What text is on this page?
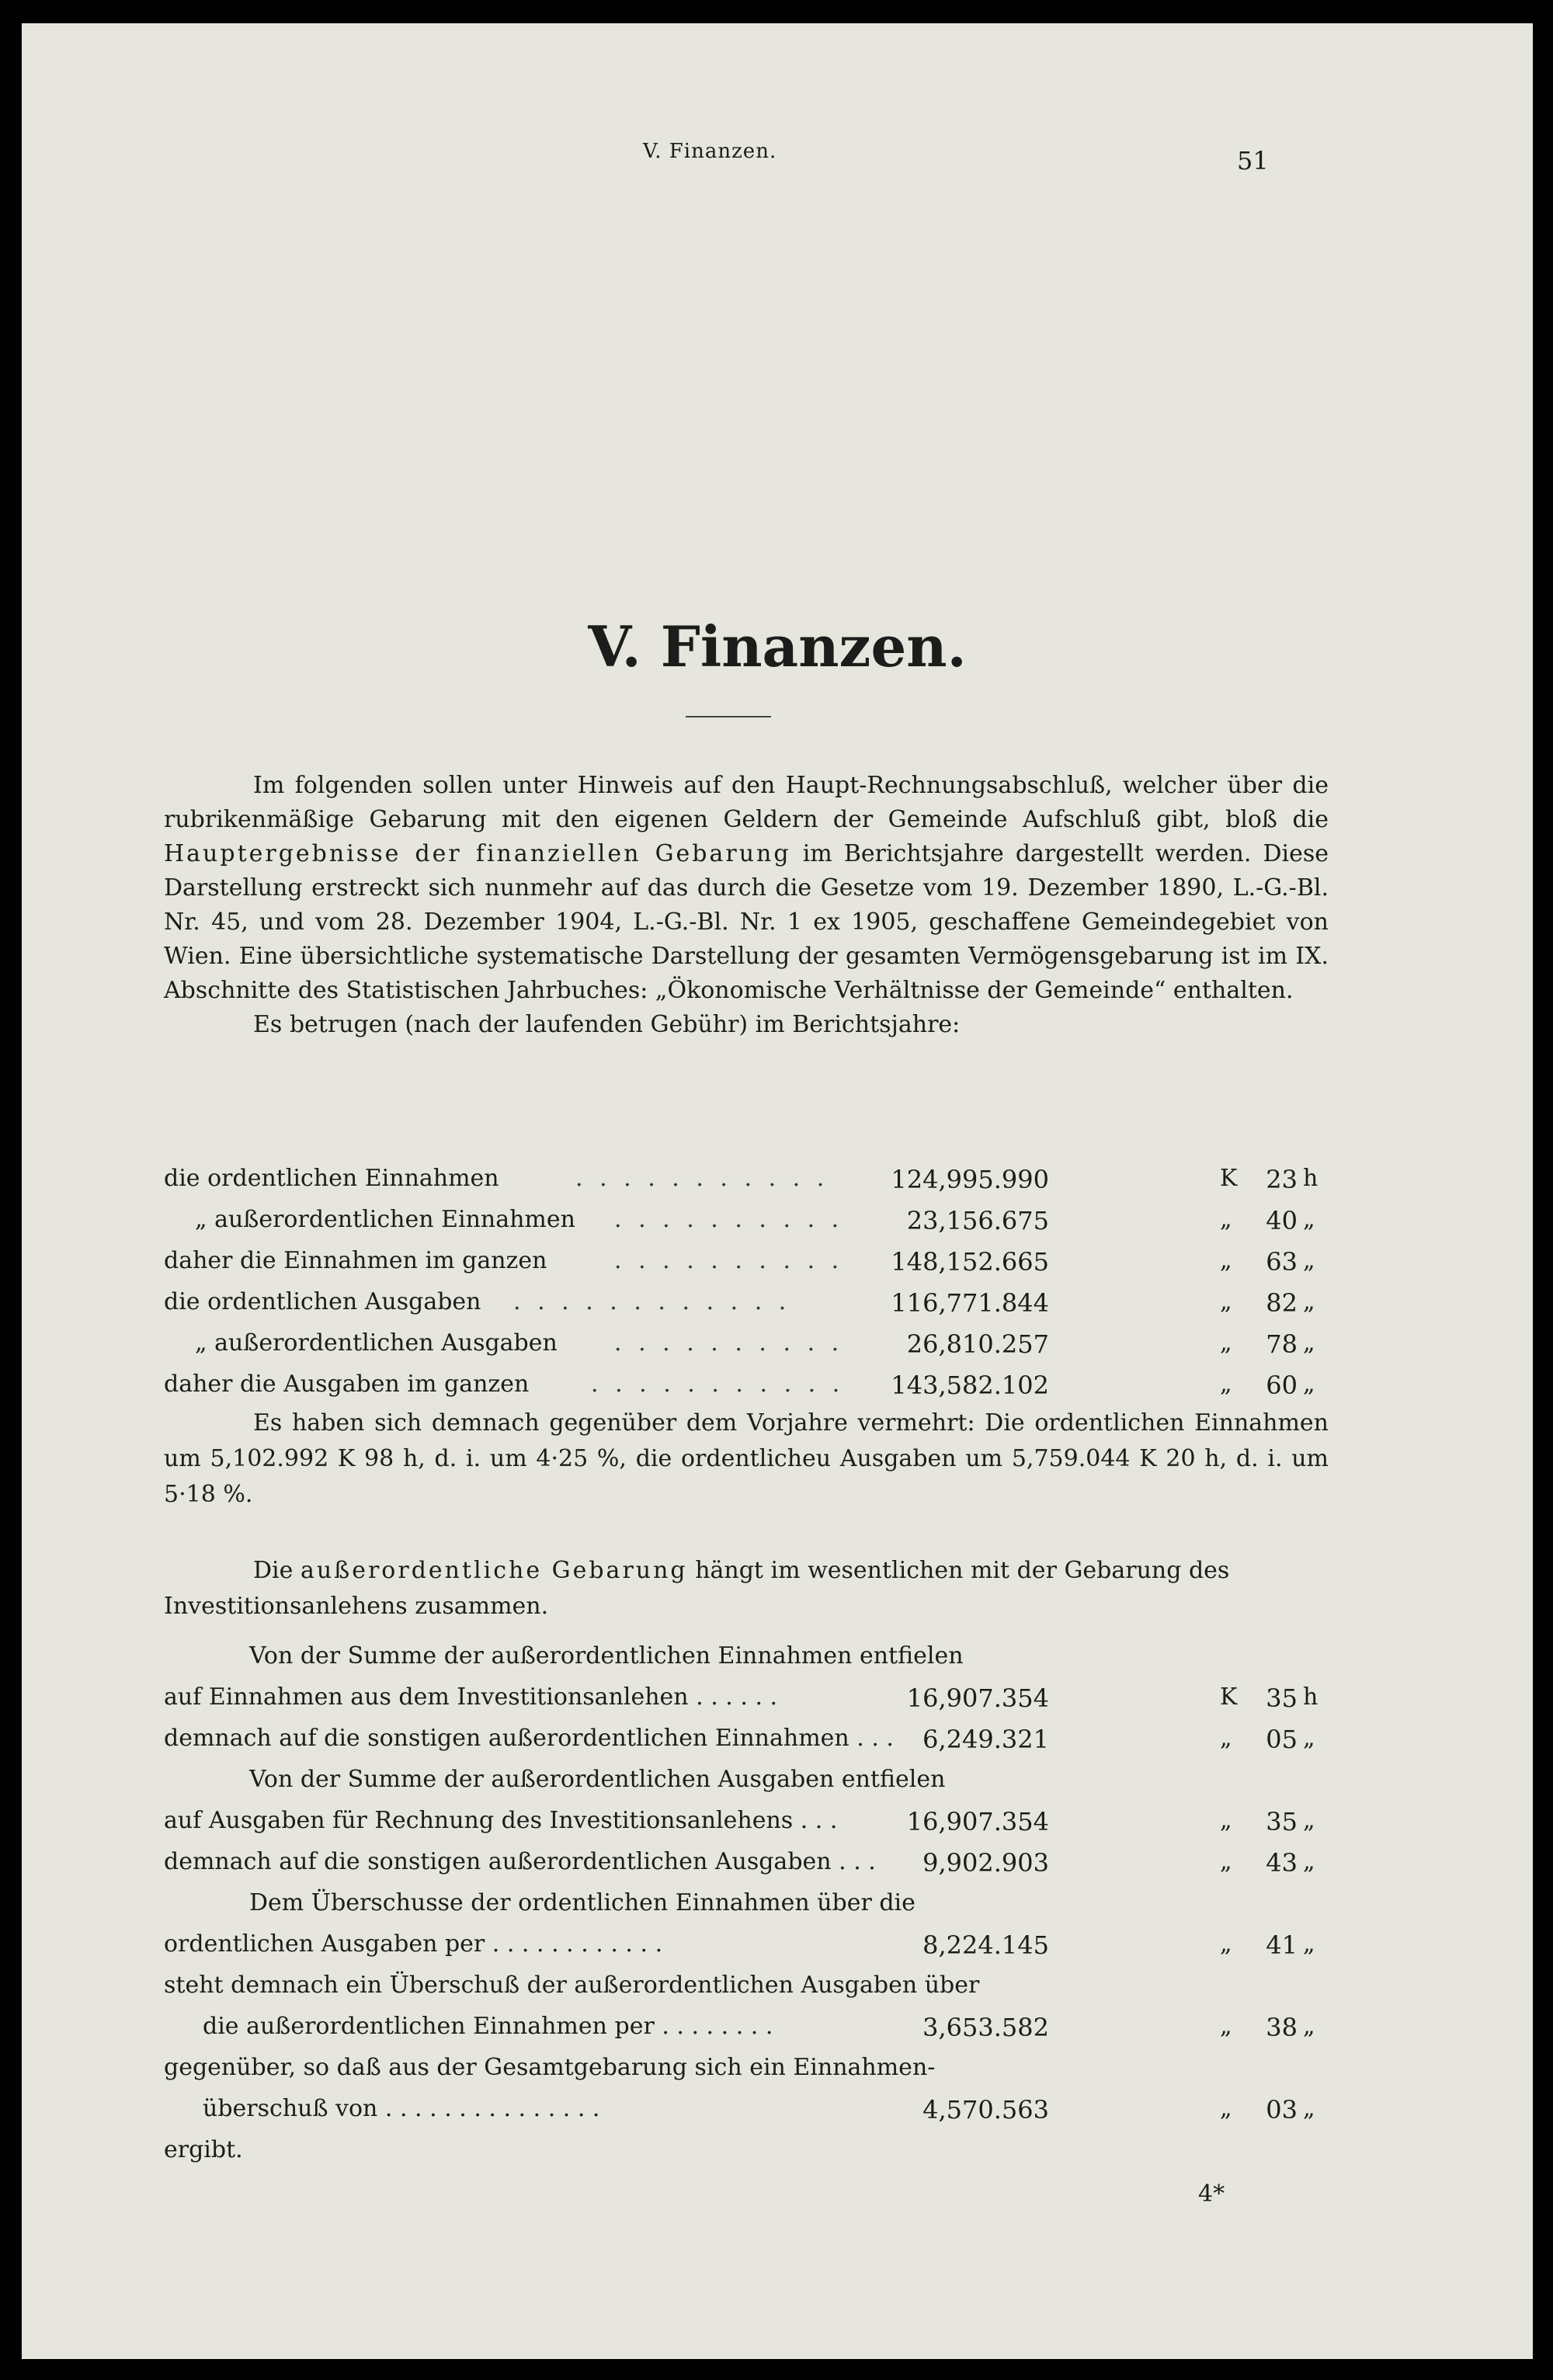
V. Finanzen.	51
V. Finanzen.

Im folgenden sollen unter Hinweis auf den Haupt-Rechnungsabschluß, welcher über die rubrikenmäßige Gebarung mit den eigenen Geldern der Gemeinde Aufschluß gibt, bloß die Hauptergebnisse der finanziellen Gebarung im Berichtsjahre dargestellt werden. Diese Darstellung erstreckt sich nunmehr auf das durch die Gesetze vom 19. Dezember 1890, L.-G.-Bl. Nr. 45, und vom 28. Dezember 1904, L.-G.-Bl. Nr. 1 ex 1905, geschaffene Gemeindegebiet von Wien. Eine übersichtliche systematische Darstellung der gesamten Vermögensgebarung ist im IX. Abschnitte des Statistischen Jahrbuches: „Ökonomische Verhältnisse der Gemeinde“ enthalten.

Es betrugen (nach der laufenden Gebühr) im Berichtsjahre:

die ordentlichen Einnahmen	. . . . . . . . . . .	124,995.990	K 23 h
„ außerordentlichen Einnahmen . . . . . . . . . .	23,156.675	„ 40 „
daher die Einnahmen im ganzen	. . . . . . . . . . 148,152.665	„ 63 „
die ordentlichen Ausgaben . . . . . . . . . . . .	116,771.844	„ 82 „
„ außerordentlichen Ausgaben . . . . . . . . . .	26,810.257	„ 78 „
daher die Ausgaben im ganzen	. . . . . . . . . . . 143,582.102	„ 60 „

Es haben sich demnach gegenüber dem Vorjahre vermehrt: Die ordentlichen Einnahmen um 5,102.992 K 98 h, d. i. um 4·25 %, die ordentlicheu Ausgaben um 5,759.044 K 20 h, d. i. um 5·18 %.

Die außerordentliche Gebarung hängt im wesentlichen mit der Gebarung des Investitionsanlehens zusammen.

Von der Summe der außerordentlichen Einnahmen entfielen
auf Einnahmen aus dem Investitionsanlehen . . . . . .	16,907.354	K 35 h
demnach auf die sonstigen außerordentlichen Einnahmen . . . 6,249.321	„ 05 „
Von der Summe der außerordentlichen Ausgaben entfielen
auf Ausgaben für Rechnung des Investitionsanlehens . . .	16,907.354	„ 35 „
demnach auf die sonstigen außerordentlichen Ausgaben . . . 9,902.903	„ 43 „
Dem Überschusse der ordentlichen Einnahmen über die
ordentlichen Ausgaben per . . . . . . . . . . . .	8,224.145	„ 41 „
steht demnach ein Überschuß der außerordentlichen Ausgaben über
die außerordentlichen Einnahmen per . . . . . . . .	3,653.582	„ 38 „
gegenüber, so daß aus der Gesamtgebarung sich ein Einnahmen-
überschuß von . . . . . . . . . . . . . . .	4,570.563	„ 03 „
ergibt.
4*
